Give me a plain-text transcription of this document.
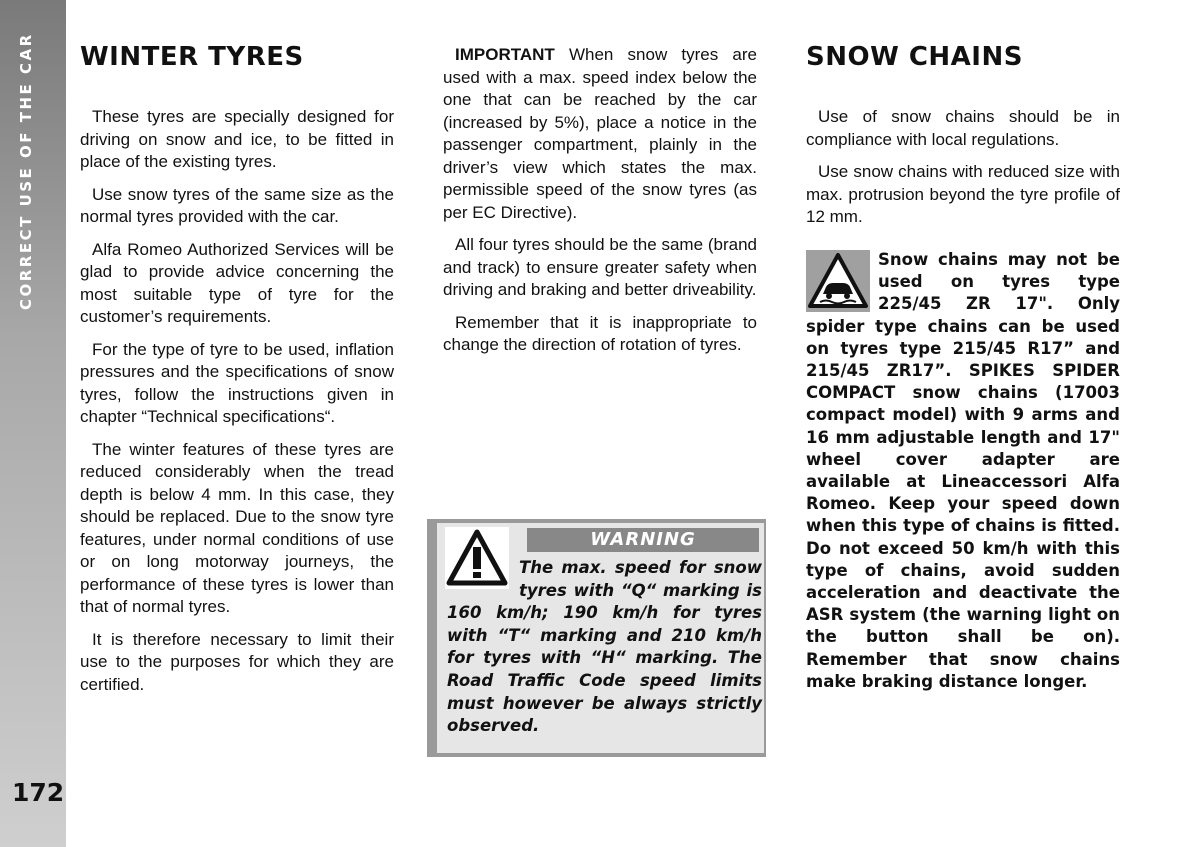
CORRECT USE OF THE CAR
172
WINTER TYRES

These tyres are specially designed for driving on snow and ice, to be fitted in place of the existing tyres.

Use snow tyres of the same size as the normal tyres provided with the car.

Alfa Romeo Authorized Services will be glad to provide advice concerning the most suitable type of tyre for the customer’s requirements.

For the type of tyre to be used, inflation pressures and the specifications of snow tyres, follow the instructions given in chapter “Technical specifications“.

The winter features of these tyres are reduced considerably when the tread depth is below 4 mm. In this case, they should be replaced. Due to the snow tyre features, under normal conditions of use or on long motorway journeys, the performance of these tyres is lower than that of normal tyres.

It is therefore necessary to limit their use to the purposes for which they are certified.

IMPORTANT When snow tyres are used with a max. speed index below the one that can be reached by the car (increased by 5%), place a notice in the passenger compartment, plainly in the driver’s view which states the max. permissible speed of the snow tyres (as per EC Directive).

All four tyres should be the same (brand and track) to ensure greater safety when driving and braking and better driveability.

Remember that it is inappropriate to change the direction of rotation of tyres.

WARNING
The max. speed for snow tyres with “Q“ marking is 160 km/h; 190 km/h for tyres with “T“ marking and 210 km/h for tyres with “H“ marking. The Road Traffic Code speed limits must however be always strictly observed.
SNOW CHAINS

Use of snow chains should be in compliance with local regulations.

Use snow chains with reduced size with max. protrusion beyond the tyre profile of 12 mm.

Snow chains may not be used on tyres type 225/45 ZR 17". Only spider type chains can be used on tyres type 215/45 R17” and 215/45 ZR17”. SPIKES SPIDER COMPACT snow chains (17003 compact model) with 9 arms and 16 mm adjustable length and 17" wheel cover adapter are available at Lineaccessori Alfa Romeo. Keep your speed down when this type of chains is fitted. Do not exceed 50 km/h with this type of chains, avoid sudden acceleration and deactivate the ASR system (the warning light on the button shall be on). Remember that snow chains make braking distance longer.
